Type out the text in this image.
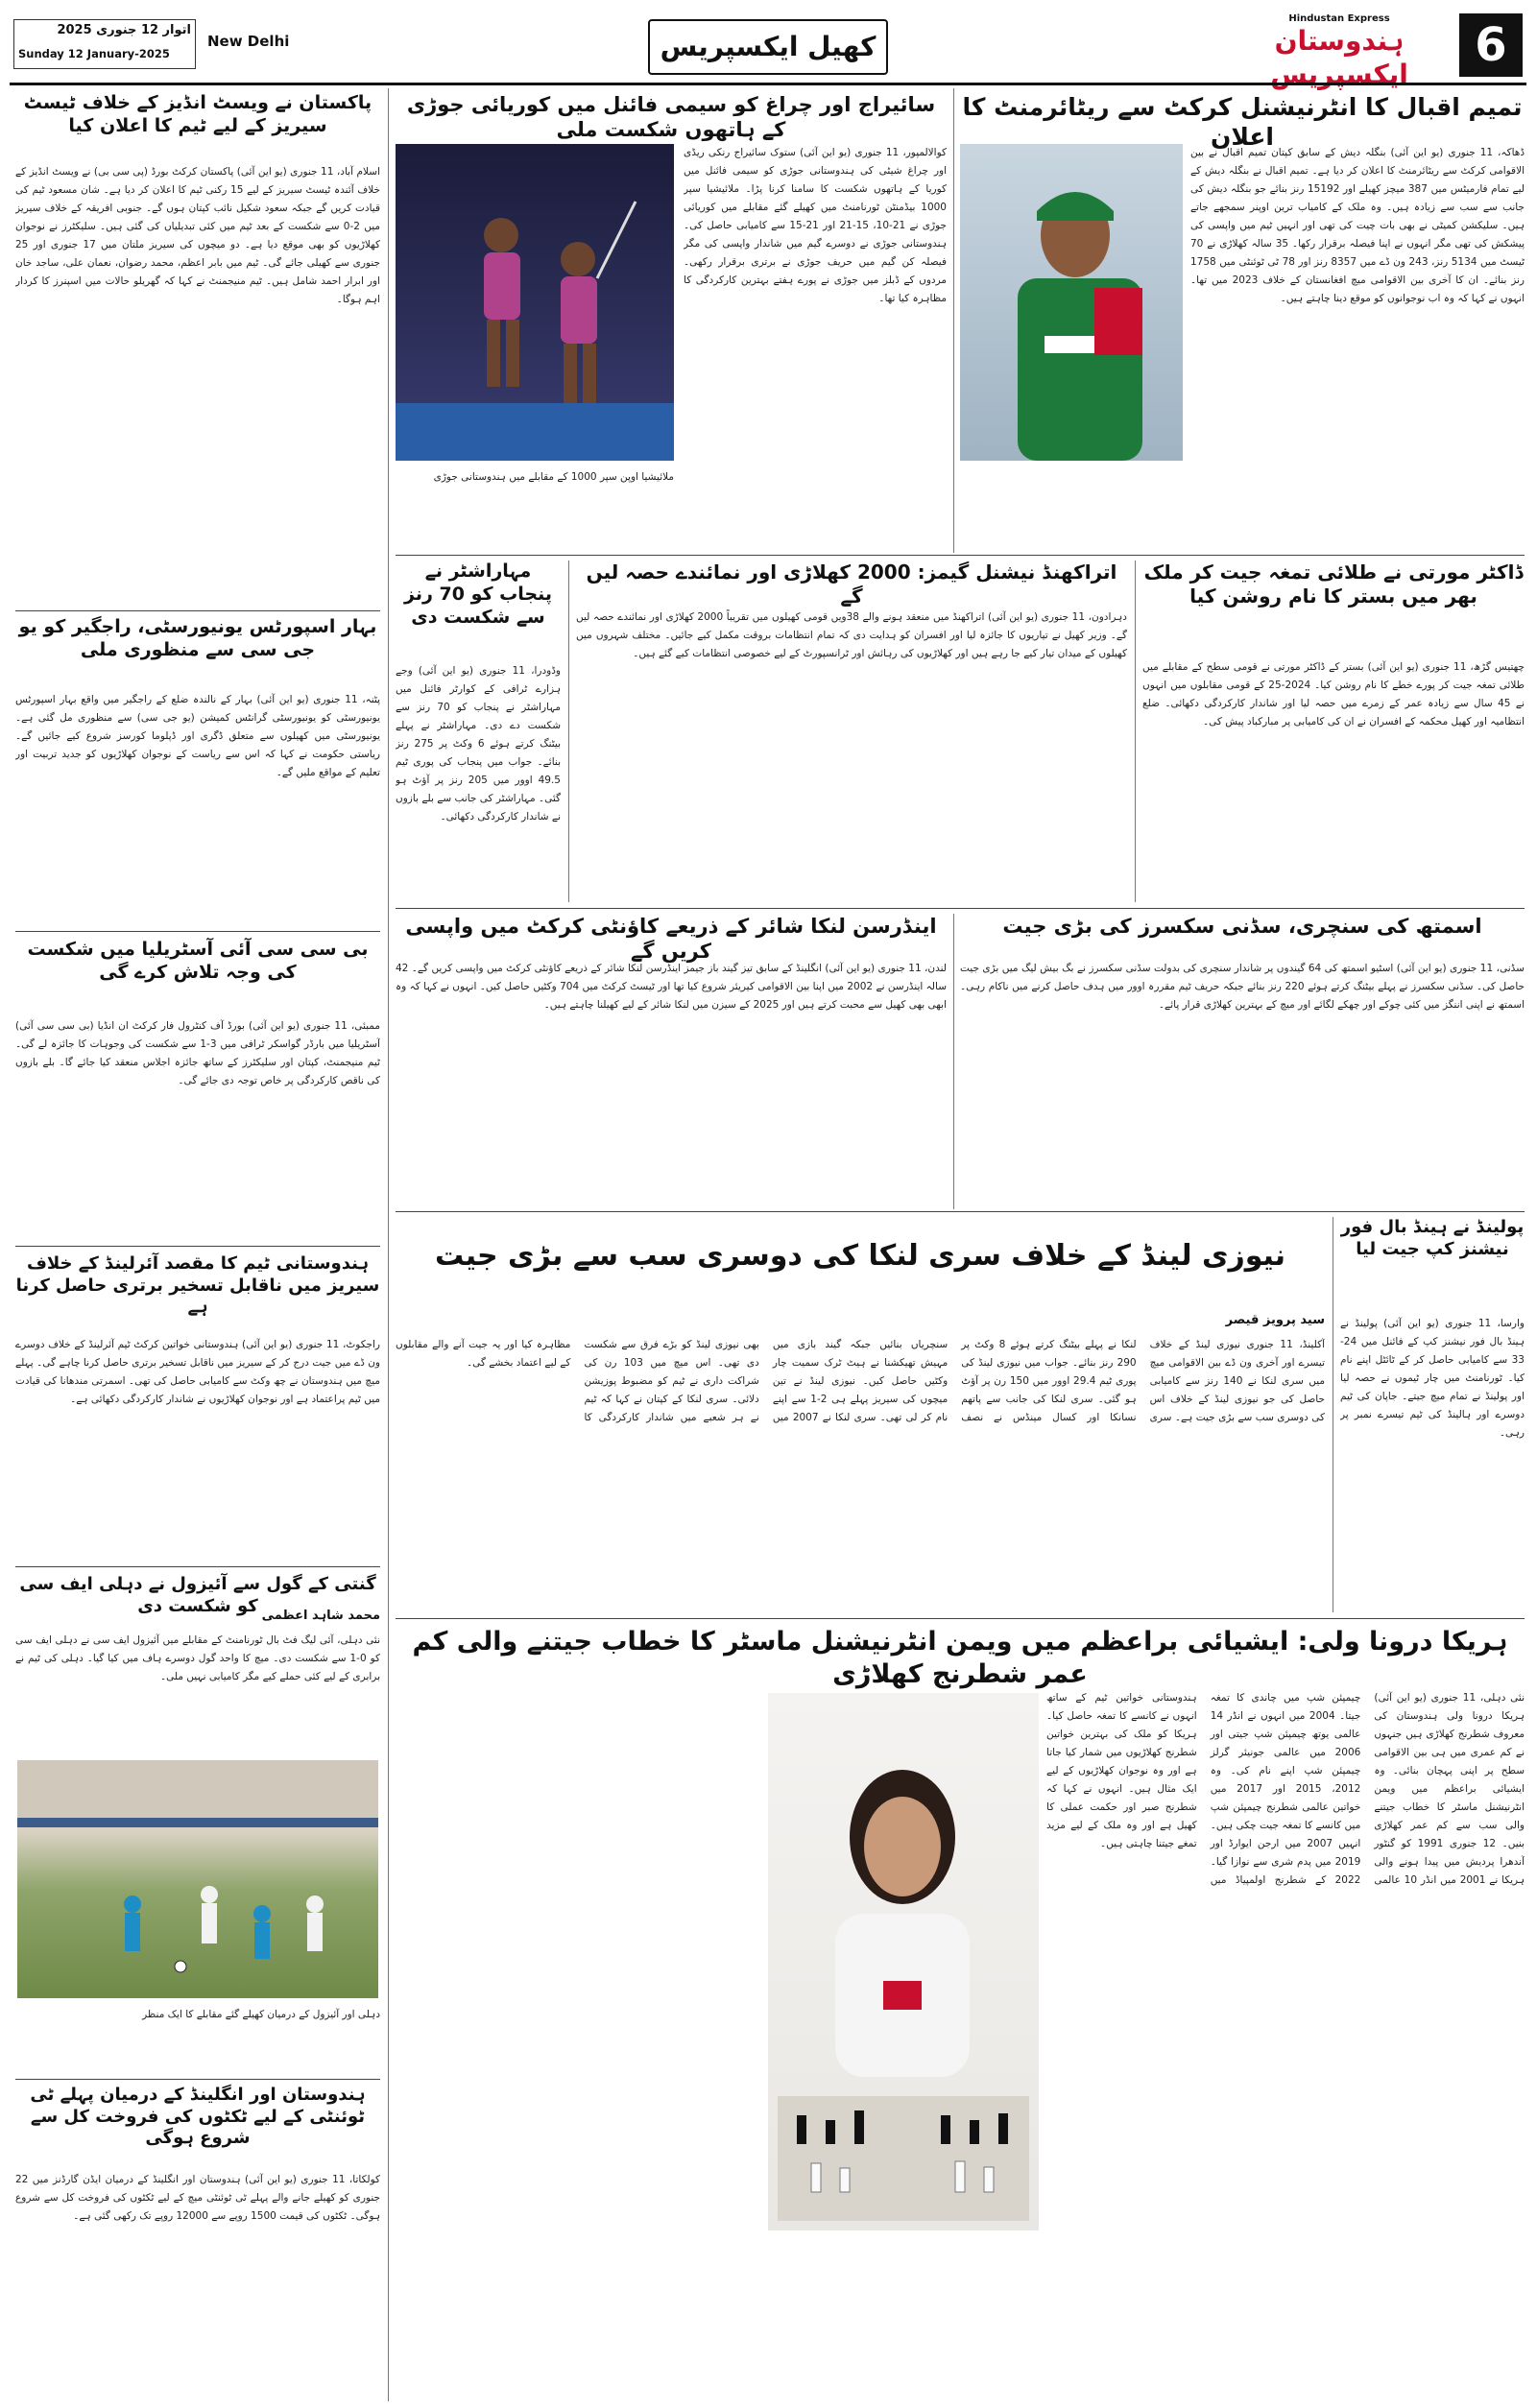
اتوار 12 جنوری 2025
Sunday 12 January-2025
New Delhi	کھیل ایکسپریس
Hindustan Express
ہندوستان ایکسپریس
6
پاکستان نے ویسٹ انڈیز کے خلاف ٹیسٹ سیریز کے لیے ٹیم کا اعلان کیا
اسلام آباد، 11 جنوری (یو این آئی) پاکستان کرکٹ بورڈ (پی سی بی) نے ویسٹ انڈیز کے خلاف آئندہ ٹیسٹ سیریز کے لیے 15 رکنی ٹیم کا اعلان کر دیا ہے۔ شان مسعود ٹیم کی قیادت کریں گے جبکہ سعود شکیل نائب کپتان ہوں گے۔ جنوبی افریقہ کے خلاف سیریز میں 2-0 سے شکست کے بعد ٹیم میں کئی تبدیلیاں کی گئی ہیں۔ سلیکٹرز نے نوجوان کھلاڑیوں کو بھی موقع دیا ہے۔ دو میچوں کی سیریز ملتان میں 17 جنوری اور 25 جنوری سے کھیلی جائے گی۔ ٹیم میں بابر اعظم، محمد رضوان، نعمان علی، ساجد خان اور ابرار احمد شامل ہیں۔ ٹیم منیجمنٹ نے کہا کہ گھریلو حالات میں اسپنرز کا کردار اہم ہوگا۔
بہار اسپورٹس یونیورسٹی، راجگیر کو یو جی سی سے منظوری ملی
پٹنہ، 11 جنوری (یو این آئی) بہار کے نالندہ ضلع کے راجگیر میں واقع بہار اسپورٹس یونیورسٹی کو یونیورسٹی گرانٹس کمیشن (یو جی سی) سے منظوری مل گئی ہے۔ یونیورسٹی میں کھیلوں سے متعلق ڈگری اور ڈپلوما کورسز شروع کیے جائیں گے۔ ریاستی حکومت نے کہا کہ اس سے ریاست کے نوجوان کھلاڑیوں کو جدید تربیت اور تعلیم کے مواقع ملیں گے۔
بی سی سی آئی آسٹریلیا میں شکست کی وجہ تلاش کرے گی
ممبئی، 11 جنوری (یو این آئی) بورڈ آف کنٹرول فار کرکٹ ان انڈیا (بی سی سی آئی) آسٹریلیا میں بارڈر گواسکر ٹرافی میں 3-1 سے شکست کی وجوہات کا جائزہ لے گی۔ ٹیم منیجمنٹ، کپتان اور سلیکٹرز کے ساتھ جائزہ اجلاس منعقد کیا جائے گا۔ بلے بازوں کی ناقص کارکردگی پر خاص توجہ دی جائے گی۔
ہندوستانی ٹیم کا مقصد آئرلینڈ کے خلاف سیریز میں ناقابل تسخیر برتری حاصل کرنا ہے
راجکوٹ، 11 جنوری (یو این آئی) ہندوستانی خواتین کرکٹ ٹیم آئرلینڈ کے خلاف دوسرے ون ڈے میں جیت درج کر کے سیریز میں ناقابل تسخیر برتری حاصل کرنا چاہے گی۔ پہلے میچ میں ہندوستان نے چھ وکٹ سے کامیابی حاصل کی تھی۔ اسمرتی مندھانا کی قیادت میں ٹیم پراعتماد ہے اور نوجوان کھلاڑیوں نے شاندار کارکردگی دکھائی ہے۔
گنتی کے گول سے آئیزول نے دہلی ایف سی کو شکست دی محمد شاہد اعظمی
نئی دہلی، آئی لیگ فٹ بال ٹورنامنٹ کے مقابلے میں آئیزول ایف سی نے دہلی ایف سی کو 0-1 سے شکست دی۔ میچ کا واحد گول دوسرے ہاف میں کیا گیا۔ دہلی کی ٹیم نے برابری کے لیے کئی حملے کیے مگر کامیابی نہیں ملی۔
دہلی اور آئیزول کے درمیان کھیلے گئے مقابلے کا ایک منظر
ہندوستان اور انگلینڈ کے درمیان پہلے ٹی ٹوئنٹی کے لیے ٹکٹوں کی فروخت کل سے شروع ہوگی
کولکاتا، 11 جنوری (یو این آئی) ہندوستان اور انگلینڈ کے درمیان ایڈن گارڈنز میں 22 جنوری کو کھیلے جانے والے پہلے ٹی ٹوئنٹی میچ کے لیے ٹکٹوں کی فروخت کل سے شروع ہوگی۔ ٹکٹوں کی قیمت 1500 روپے سے 12000 روپے تک رکھی گئی ہے۔
تمیم اقبال کا انٹرنیشنل کرکٹ سے ریٹائرمنٹ کا اعلان
ڈھاکہ، 11 جنوری (یو این آئی) بنگلہ دیش کے سابق کپتان تمیم اقبال نے بین الاقوامی کرکٹ سے ریٹائرمنٹ کا اعلان کر دیا ہے۔ تمیم اقبال نے بنگلہ دیش کے لیے تمام فارمیٹس میں 387 میچز کھیلے اور 15192 رنز بنائے جو بنگلہ دیش کی جانب سے سب سے زیادہ ہیں۔ وہ ملک کے کامیاب ترین اوپنر سمجھے جاتے ہیں۔ سلیکشن کمیٹی نے بھی بات چیت کی تھی اور انہیں ٹیم میں واپسی کی پیشکش کی تھی مگر انہوں نے اپنا فیصلہ برقرار رکھا۔ 35 سالہ کھلاڑی نے 70 ٹیسٹ میں 5134 رنز، 243 ون ڈے میں 8357 رنز اور 78 ٹی ٹوئنٹی میں 1758 رنز بنائے۔ ان کا آخری بین الاقوامی میچ افغانستان کے خلاف 2023 میں تھا۔ انہوں نے کہا کہ وہ اب نوجوانوں کو موقع دینا چاہتے ہیں۔
سائیراج اور چراغ کو سیمی فائنل میں کوریائی جوڑی کے ہاتھوں شکست ملی
کوالالمپور، 11 جنوری (یو این آئی) ستوک سائیراج رنکی ریڈی اور چراغ شیٹی کی ہندوستانی جوڑی کو سیمی فائنل میں کوریا کے ہاتھوں شکست کا سامنا کرنا پڑا۔ ملائیشیا سپر 1000 بیڈمنٹن ٹورنامنٹ میں کھیلے گئے مقابلے میں کوریائی جوڑی نے 21-10، 15-21 اور 21-15 سے کامیابی حاصل کی۔ ہندوستانی جوڑی نے دوسرے گیم میں شاندار واپسی کی مگر فیصلہ کن گیم میں حریف جوڑی نے برتری برقرار رکھی۔ مردوں کے ڈبلز میں جوڑی نے پورے ہفتے بہترین کارکردگی کا مظاہرہ کیا تھا۔
ملائیشیا اوپن سپر 1000 کے مقابلے میں ہندوستانی جوڑی
ڈاکٹر مورتی نے طلائی تمغہ جیت کر ملک بھر میں بستر کا نام روشن کیا
چھتیس گڑھ، 11 جنوری (یو این آئی) بستر کے ڈاکٹر مورتی نے قومی سطح کے مقابلے میں طلائی تمغہ جیت کر پورے خطے کا نام روشن کیا۔ 2024-25 کے قومی مقابلوں میں انہوں نے 45 سال سے زیادہ عمر کے زمرے میں حصہ لیا اور شاندار کارکردگی دکھائی۔ ضلع انتظامیہ اور کھیل محکمہ کے افسران نے ان کی کامیابی پر مبارکباد پیش کی۔
اتراکھنڈ نیشنل گیمز: 2000 کھلاڑی اور نمائندے حصہ لیں گے
دہرادون، 11 جنوری (یو این آئی) اتراکھنڈ میں منعقد ہونے والے 38ویں قومی کھیلوں میں تقریباً 2000 کھلاڑی اور نمائندے حصہ لیں گے۔ وزیر کھیل نے تیاریوں کا جائزہ لیا اور افسران کو ہدایت دی کہ تمام انتظامات بروقت مکمل کیے جائیں۔ مختلف شہروں میں کھیلوں کے میدان تیار کیے جا رہے ہیں اور کھلاڑیوں کی رہائش اور ٹرانسپورٹ کے لیے خصوصی انتظامات کیے گئے ہیں۔
مہاراشٹر نے پنجاب کو 70 رنز سے شکست دی
وڈودرا، 11 جنوری (یو این آئی) وجے ہزارے ٹرافی کے کوارٹر فائنل میں مہاراشٹر نے پنجاب کو 70 رنز سے شکست دے دی۔ مہاراشٹر نے پہلے بیٹنگ کرتے ہوئے 6 وکٹ پر 275 رنز بنائے۔ جواب میں پنجاب کی پوری ٹیم 49.5 اوور میں 205 رنز پر آؤٹ ہو گئی۔ مہاراشٹر کی جانب سے بلے بازوں نے شاندار کارکردگی دکھائی۔
اسمتھ کی سنچری، سڈنی سکسرز کی بڑی جیت
سڈنی، 11 جنوری (یو این آئی) اسٹیو اسمتھ کی 64 گیندوں پر شاندار سنچری کی بدولت سڈنی سکسرز نے بگ بیش لیگ میں بڑی جیت حاصل کی۔ سڈنی سکسرز نے پہلے بیٹنگ کرتے ہوئے 220 رنز بنائے جبکہ حریف ٹیم مقررہ اوور میں ہدف حاصل کرنے میں ناکام رہی۔ اسمتھ نے اپنی اننگز میں کئی چوکے اور چھکے لگائے اور میچ کے بہترین کھلاڑی قرار پائے۔
اینڈرسن لنکا شائر کے ذریعے کاؤنٹی کرکٹ میں واپسی کریں گے
لندن، 11 جنوری (یو این آئی) انگلینڈ کے سابق تیز گیند باز جیمز اینڈرسن لنکا شائر کے ذریعے کاؤنٹی کرکٹ میں واپسی کریں گے۔ 42 سالہ اینڈرسن نے 2002 میں اپنا بین الاقوامی کیریئر شروع کیا تھا اور ٹیسٹ کرکٹ میں 704 وکٹیں حاصل کیں۔ انہوں نے کہا کہ وہ ابھی بھی کھیل سے محبت کرتے ہیں اور 2025 کے سیزن میں لنکا شائر کے لیے کھیلنا چاہتے ہیں۔
پولینڈ نے ہینڈ بال فور نیشنز کپ جیت لیا
وارسا، 11 جنوری (یو این آئی) پولینڈ نے ہینڈ بال فور نیشنز کپ کے فائنل میں 24-33 سے کامیابی حاصل کر کے ٹائٹل اپنے نام کیا۔ ٹورنامنٹ میں چار ٹیموں نے حصہ لیا اور پولینڈ نے تمام میچ جیتے۔ جاپان کی ٹیم دوسرے اور ہالینڈ کی ٹیم تیسرے نمبر پر رہی۔
نیوزی لینڈ کے خلاف سری لنکا کی دوسری سب سے بڑی جیت
سید پرویز قیصر
آکلینڈ، 11 جنوری نیوزی لینڈ کے خلاف تیسرے اور آخری ون ڈے بین الاقوامی میچ میں سری لنکا نے 140 رنز سے کامیابی حاصل کی جو نیوزی لینڈ کے خلاف اس کی دوسری سب سے بڑی جیت ہے۔ سری لنکا نے پہلے بیٹنگ کرتے ہوئے 8 وکٹ پر 290 رنز بنائے۔ جواب میں نیوزی لینڈ کی پوری ٹیم 29.4 اوور میں 150 رن پر آؤٹ ہو گئی۔ سری لنکا کی جانب سے پاتھم نسانکا اور کسال مینڈس نے نصف سنچریاں بنائیں جبکہ گیند بازی میں مہیش تھیکشنا نے ہیٹ ٹرک سمیت چار وکٹیں حاصل کیں۔ نیوزی لینڈ نے تین میچوں کی سیریز پہلے ہی 2-1 سے اپنے نام کر لی تھی۔ سری لنکا نے 2007 میں بھی نیوزی لینڈ کو بڑے فرق سے شکست دی تھی۔ اس میچ میں 103 رن کی شراکت داری نے ٹیم کو مضبوط پوزیشن دلائی۔ سری لنکا کے کپتان نے کہا کہ ٹیم نے ہر شعبے میں شاندار کارکردگی کا مظاہرہ کیا اور یہ جیت آنے والے مقابلوں کے لیے اعتماد بخشے گی۔
ہریکا درونا ولی: ایشیائی براعظم میں ویمن انٹرنیشنل ماسٹر کا خطاب جیتنے والی کم عمر شطرنج کھلاڑی
نئی دہلی، 11 جنوری (یو این آئی) ہریکا درونا ولی ہندوستان کی معروف شطرنج کھلاڑی ہیں جنہوں نے کم عمری میں ہی بین الاقوامی سطح پر اپنی پہچان بنائی۔ وہ ایشیائی براعظم میں ویمن انٹرنیشنل ماسٹر کا خطاب جیتنے والی سب سے کم عمر کھلاڑی بنیں۔ 12 جنوری 1991 کو گنٹور آندھرا پردیش میں پیدا ہونے والی ہریکا نے 2001 میں انڈر 10 عالمی چیمپئن شپ میں چاندی کا تمغہ جیتا۔ 2004 میں انہوں نے انڈر 14 عالمی یوتھ چیمپئن شپ جیتی اور 2006 میں عالمی جونیئر گرلز چیمپئن شپ اپنے نام کی۔ وہ 2012، 2015 اور 2017 میں خواتین عالمی شطرنج چیمپئن شپ میں کانسے کا تمغہ جیت چکی ہیں۔ انہیں 2007 میں ارجن ایوارڈ اور 2019 میں پدم شری سے نوازا گیا۔ 2022 کے شطرنج اولمپیاڈ میں ہندوستانی خواتین ٹیم کے ساتھ انہوں نے کانسے کا تمغہ حاصل کیا۔ ہریکا کو ملک کی بہترین خواتین شطرنج کھلاڑیوں میں شمار کیا جاتا ہے اور وہ نوجوان کھلاڑیوں کے لیے ایک مثال ہیں۔ انہوں نے کہا کہ شطرنج صبر اور حکمت عملی کا کھیل ہے اور وہ ملک کے لیے مزید تمغے جیتنا چاہتی ہیں۔
